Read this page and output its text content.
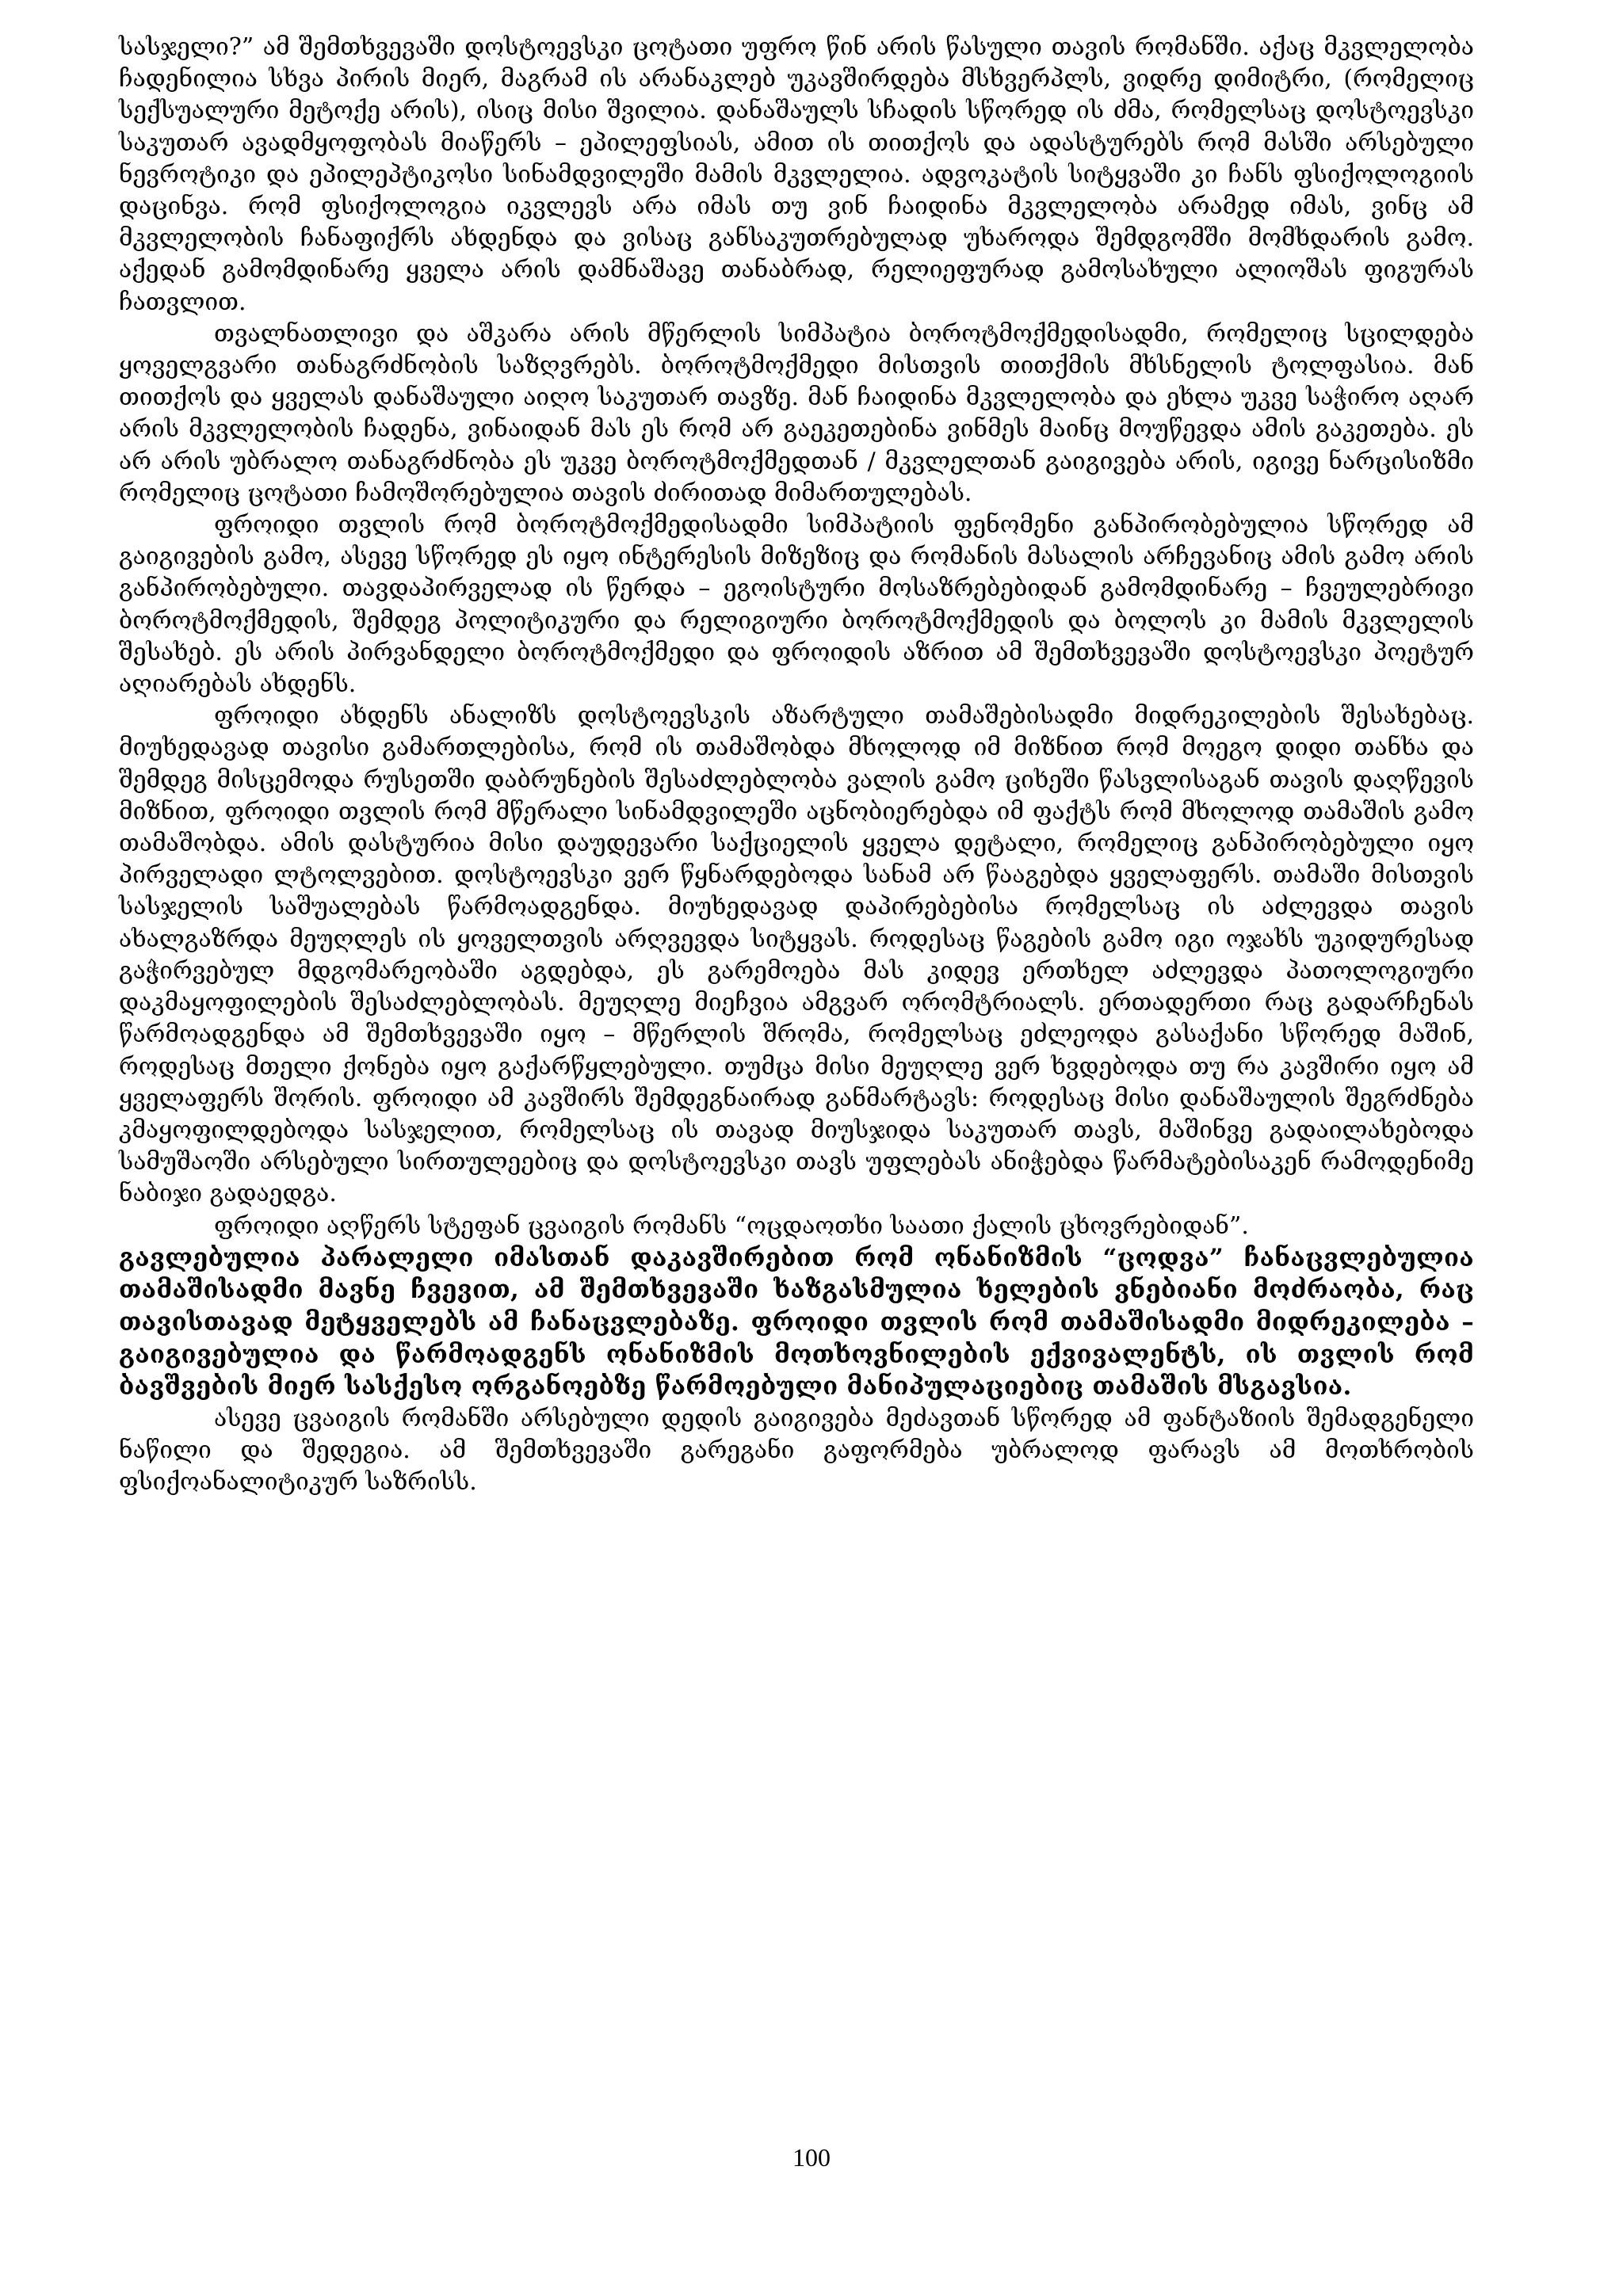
სასჯელი?” ამ შემთხვევაში დოსტოევსკი ცოტათი უფრო წინ არის წასული თავის რომანში. აქაც მკვლელობა ჩადენილია სხვა პირის მიერ, მაგრამ ის არანაკლებ უკავშირდება მსხვერპლს, ვიდრე დიმიტრი, (რომელიც სექსუალური მეტოქე არის), ისიც მისი შვილია. დანაშაულს სჩადის სწორედ ის ძმა, რომელსაც დოსტოევსკი საკუთარ ავადმყოფობას მიაწერს – ეპილეფსიას, ამით ის თითქოს და ადასტურებს რომ მასში არსებული ნევროტიკი და ეპილეპტიკოსი სინამდვილეში მამის მკვლელია. ადვოკატის სიტყვაში კი ჩანს ფსიქოლოგიის დაცინვა. რომ ფსიქოლოგია იკვლევს არა იმას თუ ვინ ჩაიდინა მკვლელობა არამედ იმას, ვინც ამ მკვლელობის ჩანაფიქრს ახდენდა და ვისაც განსაკუთრებულად უხაროდა შემდგომში მომხდარის გამო. აქედან გამომდინარე ყველა არის დამნაშავე თანაბრად, რელიეფურად გამოსახული ალიოშას ფიგურას ჩათვლით.

თვალნათლივი და აშკარა არის მწერლის სიმპატია ბოროტმოქმედისადმი, რომელიც სცილდება ყოველგვარი თანაგრძნობის საზღვრებს. ბოროტმოქმედი მისთვის თითქმის მხსნელის ტოლფასია. მან თითქოს და ყველას დანაშაული აიღო საკუთარ თავზე. მან ჩაიდინა მკვლელობა და ეხლა უკვე საჭირო აღარ არის მკვლელობის ჩადენა, ვინაიდან მას ეს რომ არ გაეკეთებინა ვინმეს მაინც მოუწევდა ამის გაკეთება. ეს არ არის უბრალო თანაგრძნობა ეს უკვე ბოროტმოქმედთან / მკვლელთან გაიგივება არის, იგივე ნარცისიზმი რომელიც ცოტათი ჩამოშორებულია თავის ძირითად მიმართულებას.

ფროიდი თვლის რომ ბოროტმოქმედისადმი სიმპატიის ფენომენი განპირობებულია სწორედ ამ გაიგივების გამო, ასევე სწორედ ეს იყო ინტერესის მიზეზიც და რომანის მასალის არჩევანიც ამის გამო არის განპირობებული. თავდაპირველად ის წერდა – ეგოისტური მოსაზრებებიდან გამომდინარე – ჩვეულებრივი ბოროტმოქმედის, შემდეგ პოლიტიკური და რელიგიური ბოროტმოქმედის და ბოლოს კი მამის მკვლელის შესახებ. ეს არის პირვანდელი ბოროტმოქმედი და ფროიდის აზრით ამ შემთხვევაში დოსტოევსკი პოეტურ აღიარებას ახდენს.

ფროიდი ახდენს ანალიზს დოსტოევსკის აზარტული თამაშებისადმი მიდრეკილების შესახებაც. მიუხედავად თავისი გამართლებისა, რომ ის თამაშობდა მხოლოდ იმ მიზნით რომ მოეგო დიდი თანხა და შემდეგ მისცემოდა რუსეთში დაბრუნების შესაძლებლობა ვალის გამო ციხეში წასვლისაგან თავის დაღწევის მიზნით, ფროიდი თვლის რომ მწერალი სინამდვილეში აცნობიერებდა იმ ფაქტს რომ მხოლოდ თამაშის გამო თამაშობდა. ამის დასტურია მისი დაუდევარი საქციელის ყველა დეტალი, რომელიც განპირობებული იყო პირველადი ლტოლვებით. დოსტოევსკი ვერ წყნარდებოდა სანამ არ წააგებდა ყველაფერს. თამაში მისთვის სასჯელის საშუალებას წარმოადგენდა. მიუხედავად დაპირებებისა რომელსაც ის აძლევდა თავის ახალგაზრდა მეუღლეს ის ყოველთვის არღვევდა სიტყვას. როდესაც წაგების გამო იგი ოჯახს უკიდურესად გაჭირვებულ მდგომარეობაში აგდებდა, ეს გარემოება მას კიდევ ერთხელ აძლევდა პათოლოგიური დაკმაყოფილების შესაძლებლობას. მეუღლე მიეჩვია ამგვარ ორომტრიალს. ერთადერთი რაც გადარჩენას წარმოადგენდა ამ შემთხვევაში იყო – მწერლის შრომა, რომელსაც ეძლეოდა გასაქანი სწორედ მაშინ, როდესაც მთელი ქონება იყო გაქარწყლებული. თუმცა მისი მეუღლე ვერ ხვდებოდა თუ რა კავშირი იყო ამ ყველაფერს შორის. ფროიდი ამ კავშირს შემდეგნაირად განმარტავს: როდესაც მისი დანაშაულის შეგრძნება კმაყოფილდებოდა სასჯელით, რომელსაც ის თავად მიუსჯიდა საკუთარ თავს, მაშინვე გადაილახებოდა სამუშაოში არსებული სირთულეებიც და დოსტოევსკი თავს უფლებას ანიჭებდა წარმატებისაკენ რამოდენიმე ნაბიჯი გადაედგა.

ფროიდი აღწერს სტეფან ცვაიგის რომანს “ოცდაოთხი საათი ქალის ცხოვრებიდან”.

გავლებულია პარალელი იმასთან დაკავშირებით რომ ონანიზმის “ცოდვა” ჩანაცვლებულია თამაშისადმი მავნე ჩვევით, ამ შემთხვევაში ხაზგასმულია ხელების ვნებიანი მოძრაობა, რაც თავისთავად მეტყველებს ამ ჩანაცვლებაზე. ფროიდი თვლის რომ თამაშისადმი მიდრეკილება – გაიგივებულია და წარმოადგენს ონანიზმის მოთხოვნილების ექვივალენტს, ის თვლის რომ ბავშვების მიერ სასქესო ორგანოებზე წარმოებული მანიპულაციებიც თამაშის მსგავსია.

ასევე ცვაიგის რომანში არსებული დედის გაიგივება მეძავთან სწორედ ამ ფანტაზიის შემადგენელი ნაწილი და შედეგია. ამ შემთხვევაში გარეგანი გაფორმება უბრალოდ ფარავს ამ მოთხრობის ფსიქოანალიტიკურ საზრისს.

100
